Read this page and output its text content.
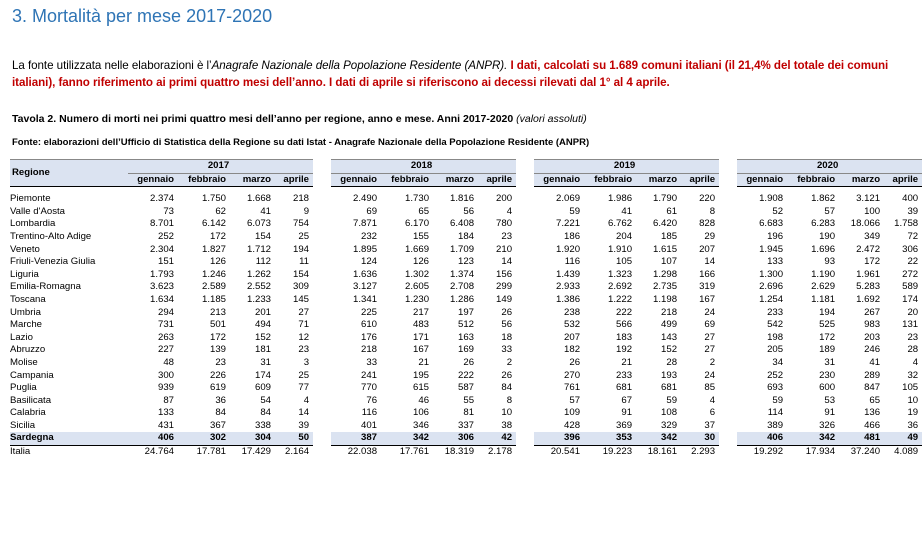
3. Mortalità per mese 2017-2020
La fonte utilizzata nelle elaborazioni è l’Anagrafe Nazionale della Popolazione Residente (ANPR). I dati, calcolati su 1.689 comuni italiani (il 21,4% del totale dei comuni italiani), fanno riferimento ai primi quattro mesi dell’anno. I dati di aprile si riferiscono ai decessi rilevati dal 1° al 4 aprile.
Tavola 2. Numero di morti nei primi quattro mesi dell’anno per regione, anno e mese. Anni 2017-2020 (valori assoluti)
Fonte: elaborazioni dell’Ufficio di Statistica della Regione su dati Istat - Anagrafe Nazionale della Popolazione Residente (ANPR)
Regione	2017					2018					2019					2020			
	gennaio	febbraio	marzo	aprile		gennaio	febbraio	marzo	aprile		gennaio	febbraio	marzo	aprile		gennaio	febbraio	marzo	aprile

Piemonte	2.374	1.750	1.668	218		2.490	1.730	1.816	200		2.069	1.986	1.790	220		1.908	1.862	3.121	400
Valle d'Aosta	73	62	41	9		69	65	56	4		59	41	61	8		52	57	100	39
Lombardia	8.701	6.142	6.073	754		7.871	6.170	6.408	780		7.221	6.762	6.420	828		6.683	6.283	18.066	1.758
Trentino-Alto Adige	252	172	154	25		232	155	184	23		186	204	185	29		196	190	349	72
Veneto	2.304	1.827	1.712	194		1.895	1.669	1.709	210		1.920	1.910	1.615	207		1.945	1.696	2.472	306
Friuli-Venezia Giulia	151	126	112	11		124	126	123	14		116	105	107	14		133	93	172	22
Liguria	1.793	1.246	1.262	154		1.636	1.302	1.374	156		1.439	1.323	1.298	166		1.300	1.190	1.961	272
Emilia-Romagna	3.623	2.589	2.552	309		3.127	2.605	2.708	299		2.933	2.692	2.735	319		2.696	2.629	5.283	589
Toscana	1.634	1.185	1.233	145		1.341	1.230	1.286	149		1.386	1.222	1.198	167		1.254	1.181	1.692	174
Umbria	294	213	201	27		225	217	197	26		238	222	218	24		233	194	267	20
Marche	731	501	494	71		610	483	512	56		532	566	499	69		542	525	983	131
Lazio	263	172	152	12		176	171	163	18		207	183	143	27		198	172	203	23
Abruzzo	227	139	181	23		218	167	169	33		182	192	152	27		205	189	246	28
Molise	48	23	31	3		33	21	26	2		26	21	28	2		34	31	41	4
Campania	300	226	174	25		241	195	222	26		270	233	193	24		252	230	289	32
Puglia	939	619	609	77		770	615	587	84		761	681	681	85		693	600	847	105
Basilicata	87	36	54	4		76	46	55	8		57	67	59	4		59	53	65	10
Calabria	133	84	84	14		116	106	81	10		109	91	108	6		114	91	136	19
Sicilia	431	367	338	39		401	346	337	38		428	369	329	37		389	326	466	36
Sardegna	406	302	304	50		387	342	306	42		396	353	342	30		406	342	481	49
Italia	24.764	17.781	17.429	2.164		22.038	17.761	18.319	2.178		20.541	19.223	18.161	2.293		19.292	17.934	37.240	4.089
